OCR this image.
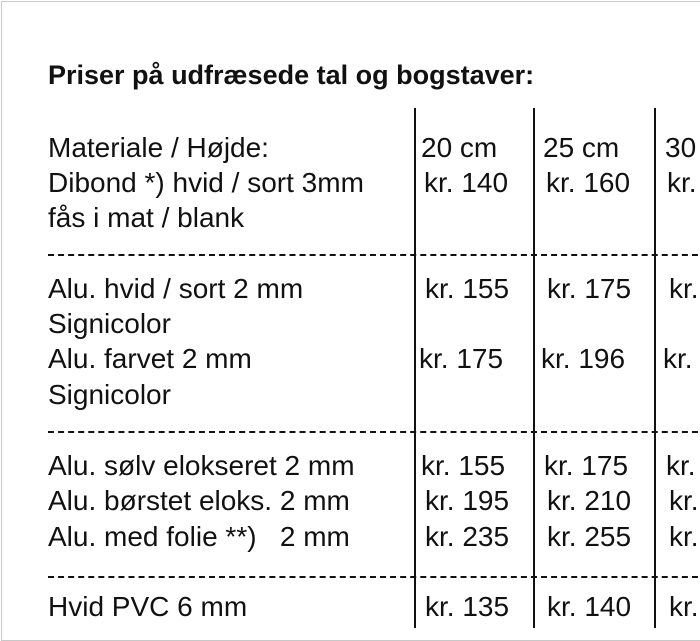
Priser på udfræsede tal og bogstaver:
Materiale / Højde:	20 cm 25 cm 30
Dibond *) hvid / sort 3mm kr. 140 kr. 160 kr.
fås i mat / blank
Alu. hvid / sort 2 mm	kr. 155 kr. 175 kr.
Signicolor
Alu. farvet 2 mm	kr. 175 kr. 196 kr.
Signicolor
Alu. sølv elokseret 2 mm kr. 155 kr. 175 kr.
Alu. børstet eloks. 2 mm	kr. 195 kr. 210 kr.
Alu. med folie **)   2 mm	kr. 235 kr. 255 kr.
Hvid PVC 6 mm	kr. 135 kr. 140 kr.
